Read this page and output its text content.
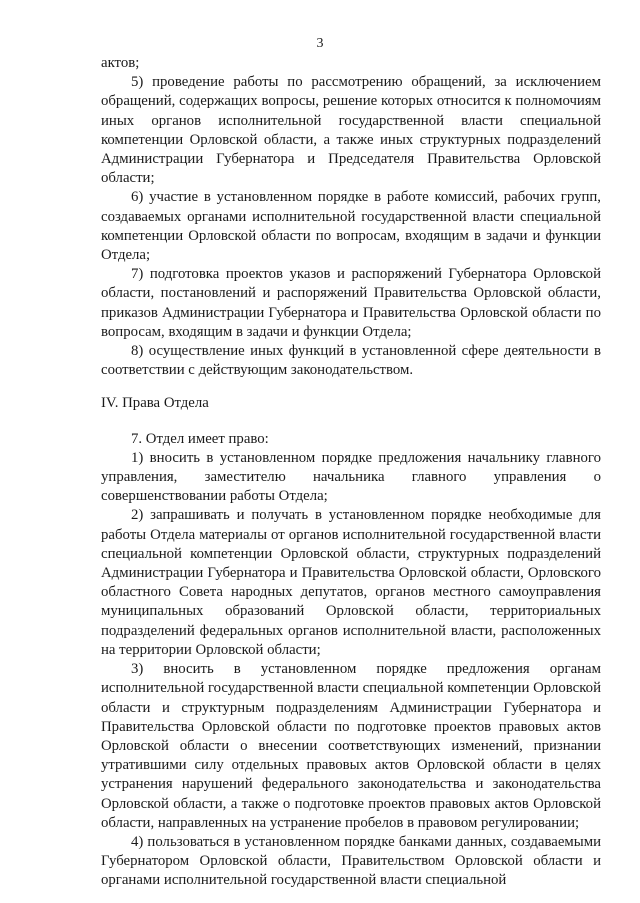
3

актов;

5) проведение работы по рассмотрению обращений, за исключением обращений, содержащих вопросы, решение которых относится к полномочиям иных органов исполнительной государственной власти специальной компетенции Орловской области, а также иных структурных подразделений Администрации Губернатора и Председателя Правительства Орловской области;

6) участие в установленном порядке в работе комиссий, рабочих групп, создаваемых органами исполнительной государственной власти специальной компетенции Орловской области по вопросам, входящим в задачи и функции Отдела;

7) подготовка проектов указов и распоряжений Губернатора Орловской области, постановлений и распоряжений Правительства Орловской области, приказов Администрации Губернатора и Правительства Орловской области по вопросам, входящим в задачи и функции Отдела;

8) осуществление иных функций в установленной сфере деятельности в соответствии с действующим законодательством.

IV. Права Отдела

7. Отдел имеет право:

1) вносить в установленном порядке предложения начальнику главного управления, заместителю начальника главного управления о совершенствовании работы Отдела;

2) запрашивать и получать в установленном порядке необходимые для работы Отдела материалы от органов исполнительной государственной власти специальной компетенции Орловской области, структурных подразделений Администрации Губернатора и Правительства Орловской области, Орловского областного Совета народных депутатов, органов местного самоуправления муниципальных образований Орловской области, территориальных подразделений федеральных органов исполнительной власти, расположенных на территории Орловской области;

3) вносить в установленном порядке предложения органам исполнительной государственной власти специальной компетенции Орловской области и структурным подразделениям Администрации Губернатора и Правительства Орловской области по подготовке проектов правовых актов Орловской области о внесении соответствующих изменений, признании утратившими силу отдельных правовых актов Орловской области в целях устранения нарушений федерального законодательства и законодательства Орловской области, а также о подготовке проектов правовых актов Орловской области, направленных на устранение пробелов в правовом регулировании;

4) пользоваться в установленном порядке банками данных, создаваемыми Губернатором Орловской области, Правительством Орловской области и органами исполнительной государственной власти специальной
